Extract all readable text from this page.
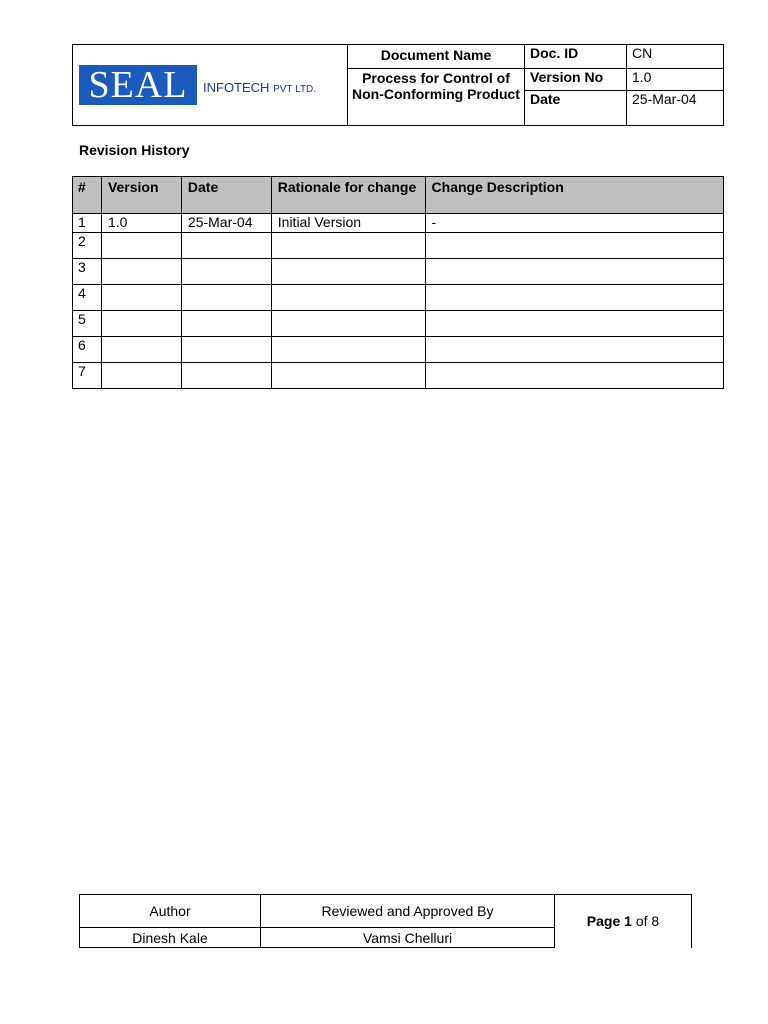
SEAL INFOTECH PVT LTD.	Document Name	Doc. ID	CN
	Process for Control of Non-Conforming Product	Version No	1.0
		Date	25-Mar-04
Revision History
#	Version	Date	Rationale for change	Change Description
1	1.0	25-Mar-04	Initial Version	-
2				
3				
4				
5				
6				
7				
Author	Reviewed and Approved By	Page 1 of 8
Dinesh Kale	Vamsi Chelluri	
